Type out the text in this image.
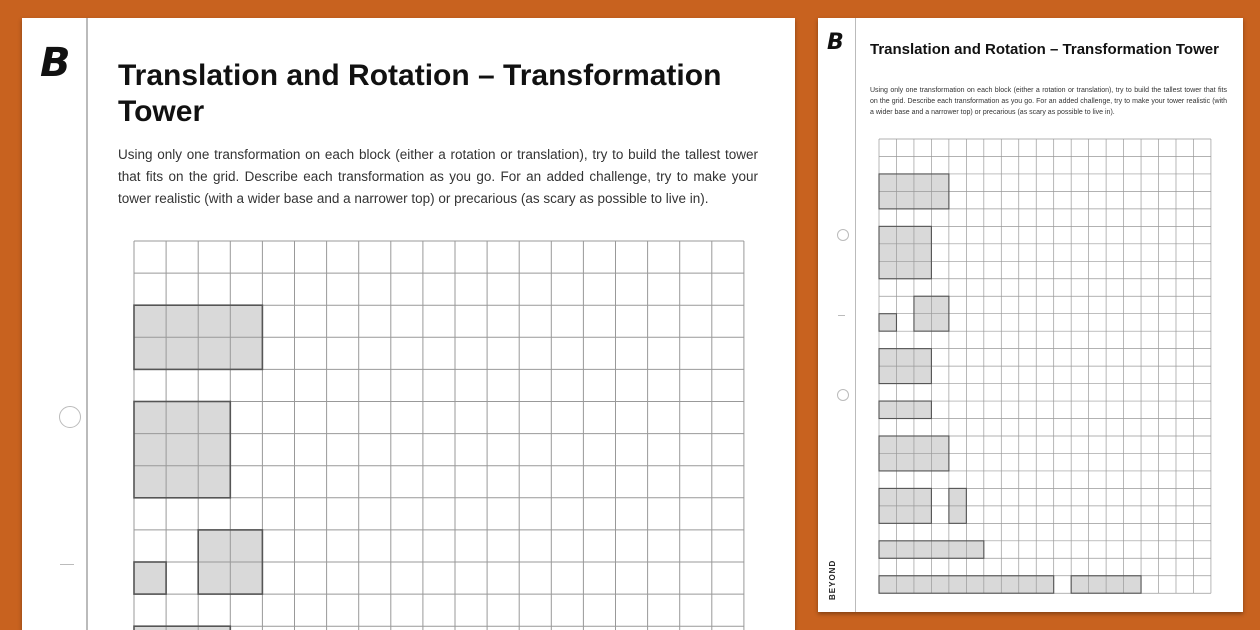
B Translation and Rotation – Transformation Tower

Using only one transformation on each block (either a rotation or translation), try to build the tallest tower that fits on the grid. Describe each transformation as you go. For an added challenge, try to make your tower realistic (with a wider base and a narrower top) or precarious (as scary as possible to live in).

B Translation and Rotation – Transformation Tower

Using only one transformation on each block (either a rotation or translation), try to build the tallest tower that fits on the grid. Describe each transformation as you go. For an added challenge, try to make your tower realistic (with a wider base and a narrower top) or precarious (as scary as possible to live in).

BEYOND
